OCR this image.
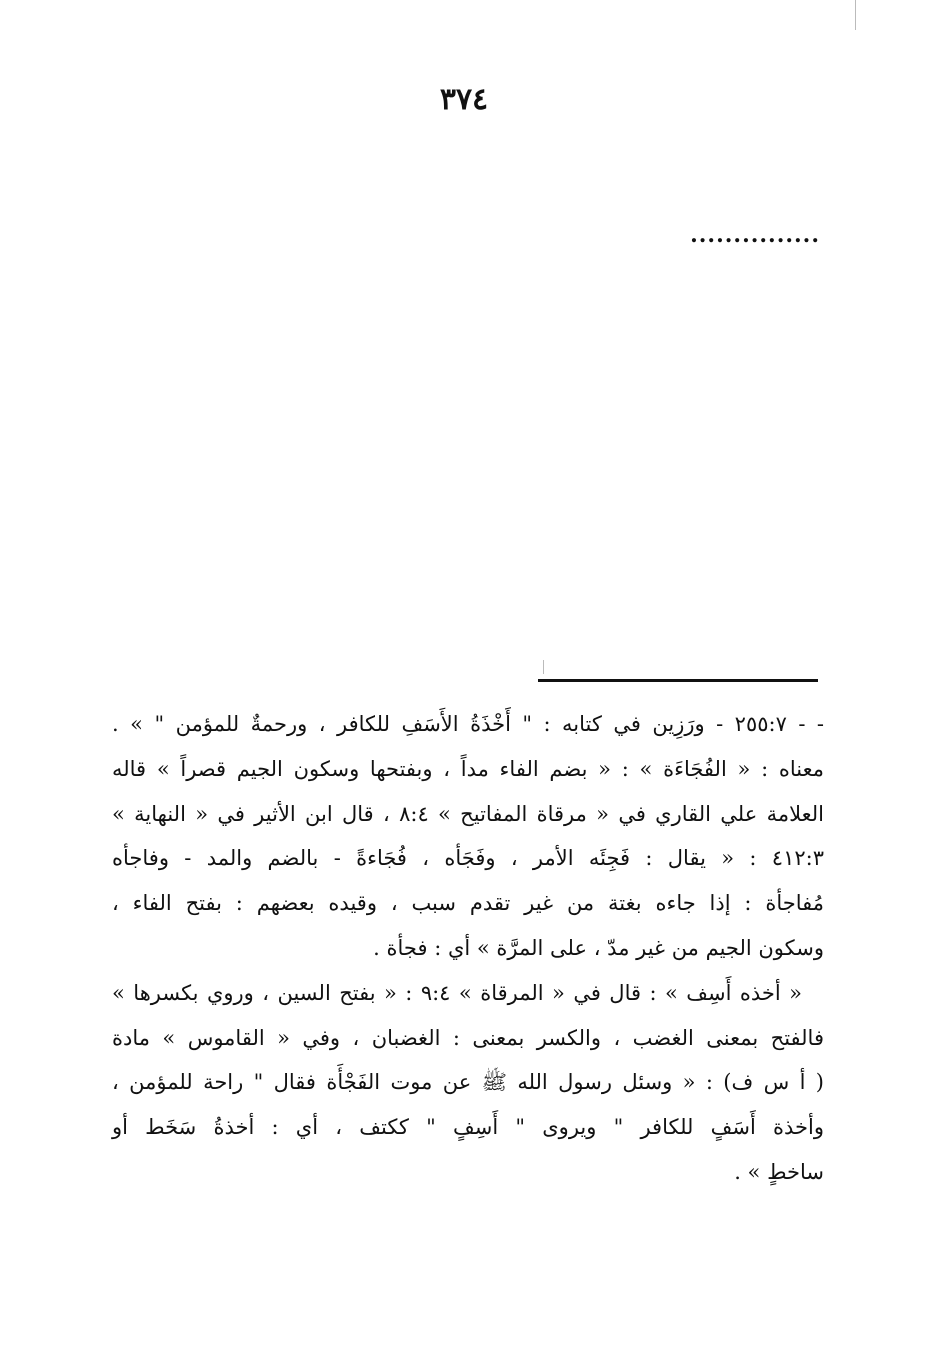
٣٧٤
...............

- - ٢٥٥:٧ - ورَزِين في كتابه : " أَخْذَةُ الأَسَفِ للكافر ، ورحمةٌ للمؤمن " » .
معناه : « الفُجَاءَة » : « بضم الفاء مداً ، وبفتحها وسكون الجيم قصراً » قاله
العلامة علي القاري في « مرقاة المفاتيح » ٨:٤ ، قال ابن الأثير في « النهاية »
٤١٢:٣ : « يقال : فَجِئَه الأمر ، وفَجَأه ، فُجَاءةً - بالضم والمد - وفاجأه
مُفاجأة : إذا جاءه بغتة من غير تقدم سبب ، وقيده بعضهم : بفتح الفاء ،
وسكون الجيم من غير مدّ ، على المرَّة » أي : فجأة .

« أخذه أَسِف » : قال في « المرقاة » ٩:٤ : « بفتح السين ، وروي بكسرها »
فالفتح بمعنى الغضب ، والكسر بمعنى : الغضبان ، وفي « القاموس » مادة
( أ س ف) : « وسئل رسول الله ﷺ عن موت الفَجْأَة فقال " راحة للمؤمن ،
وأخذة أَسَفٍ للكافر " ويروى " أَسِفٍ " ككتف ، أي : أخذةُ سَخَط أو
ساخطٍ » .
